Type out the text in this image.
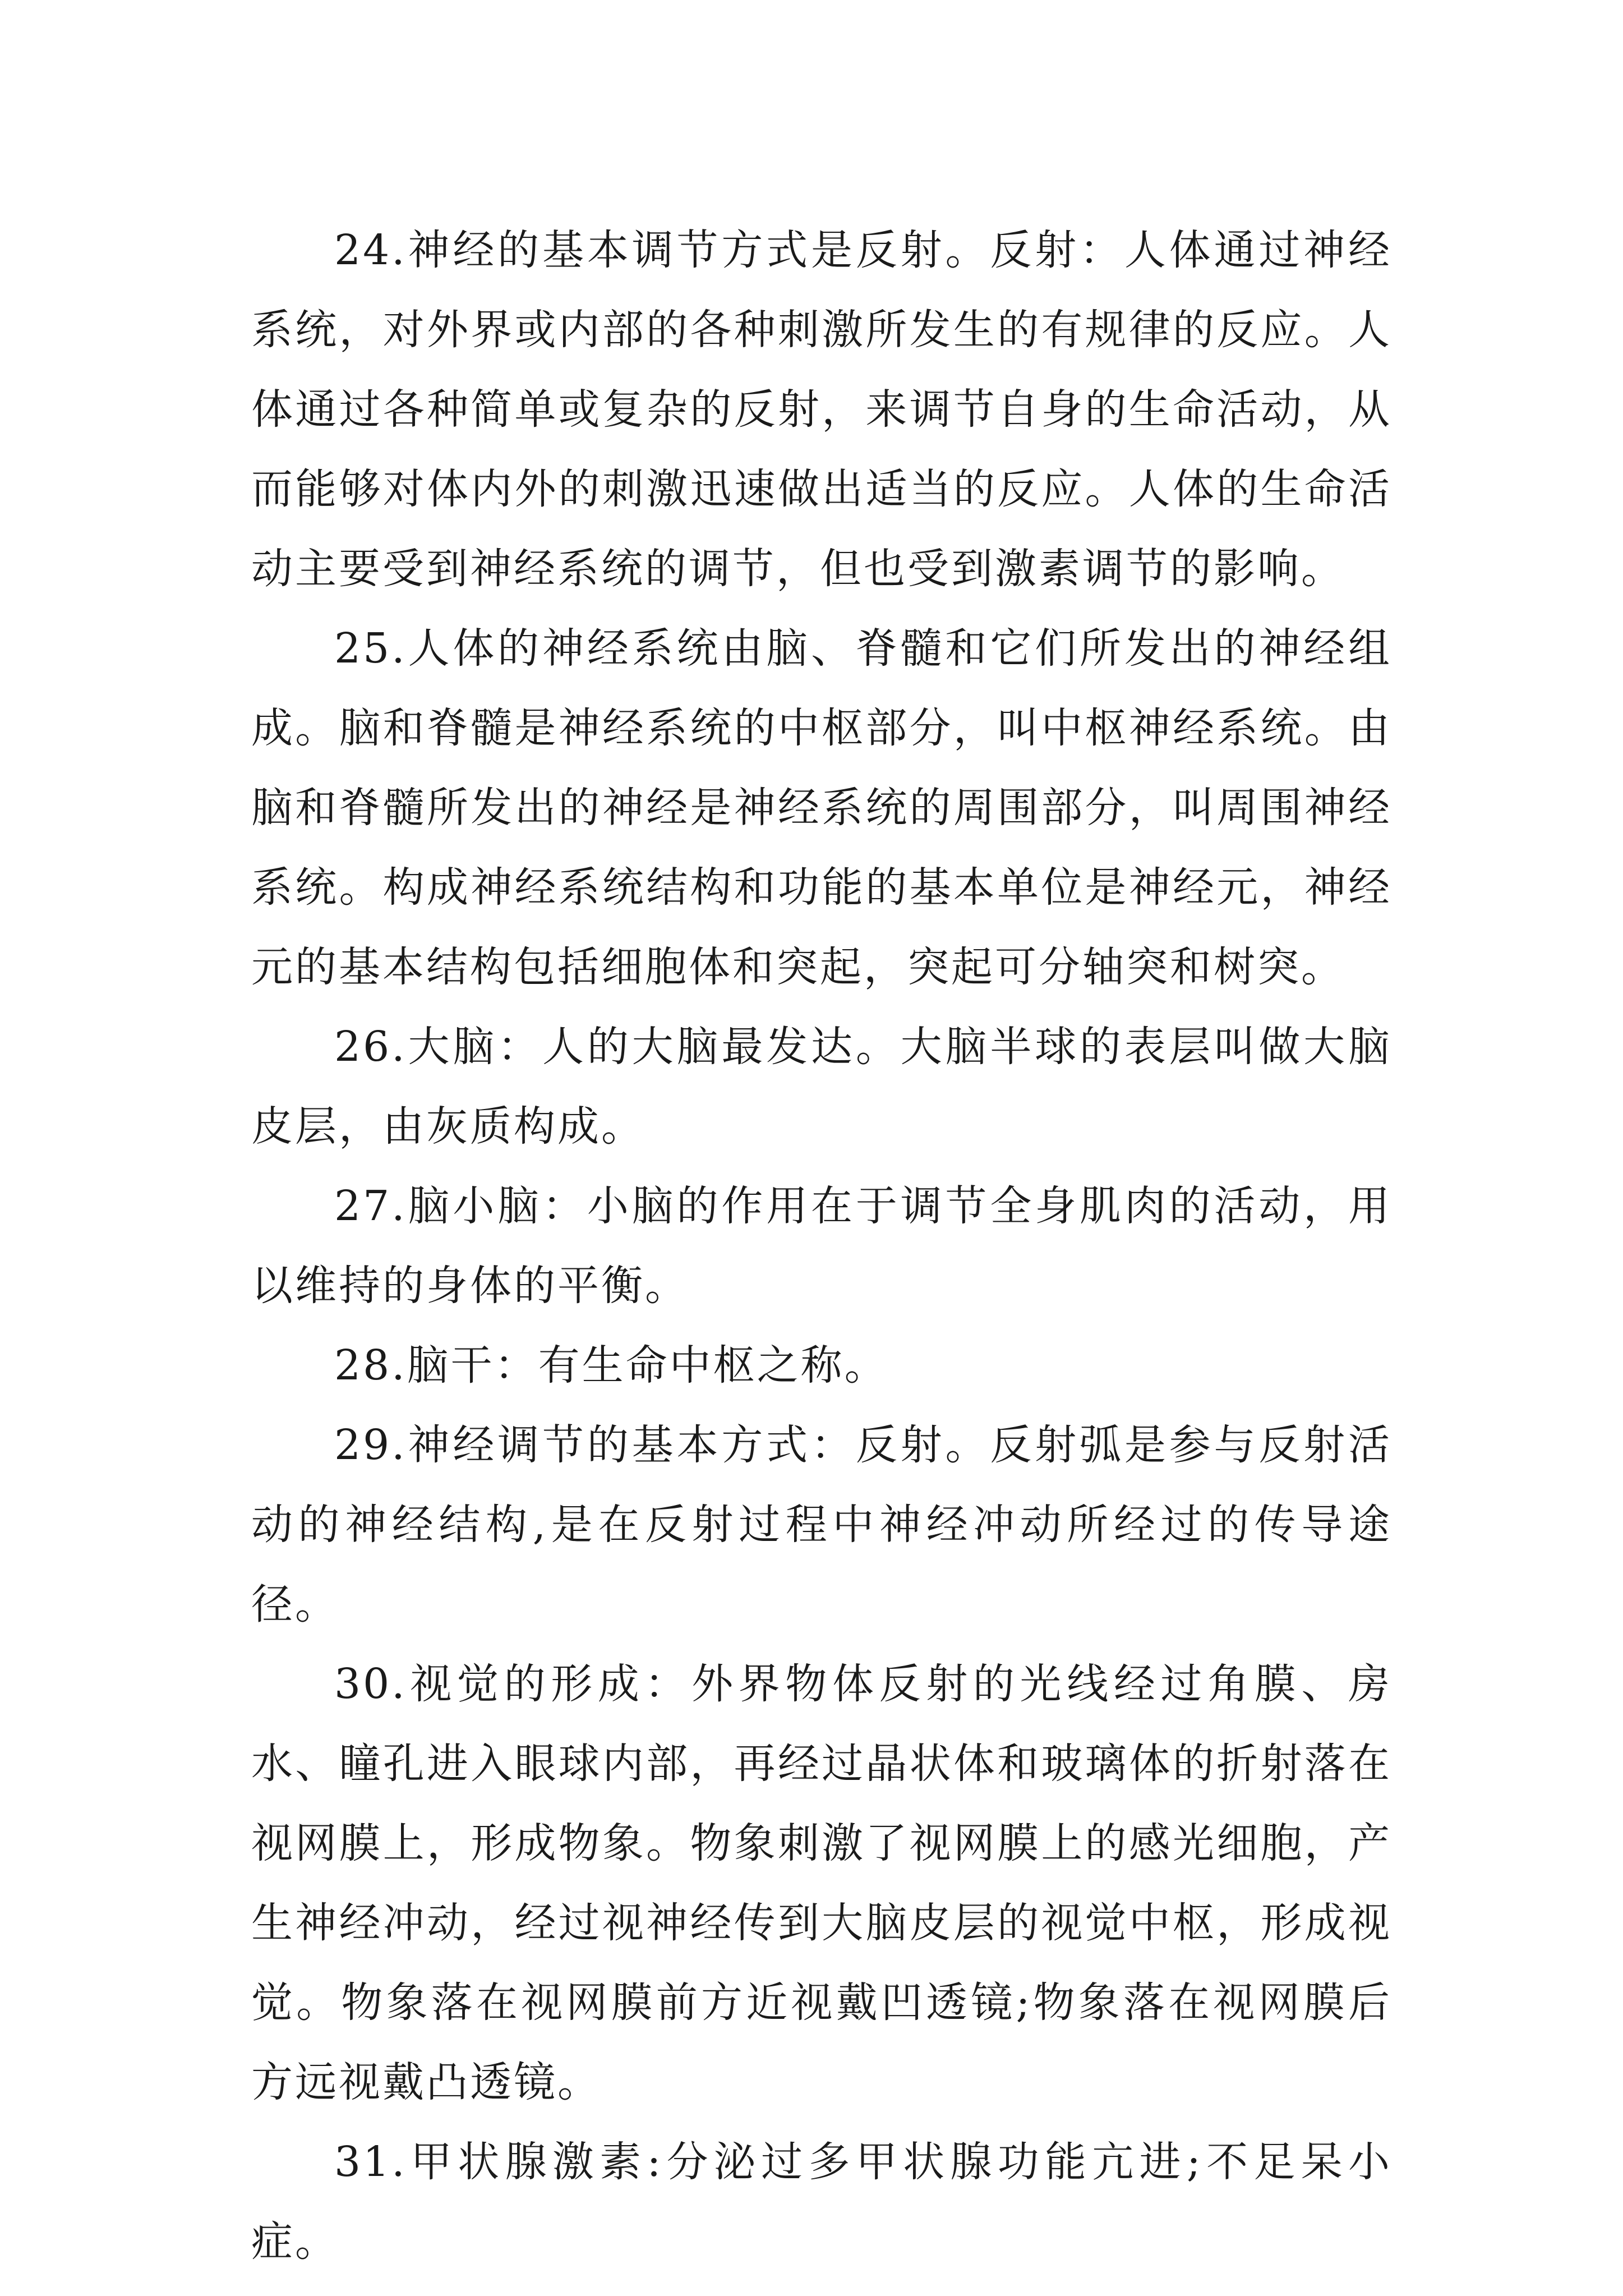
24.神经的基本调节方式是反射。反射：人体通过神经系统，对外界或内部的各种刺激所发生的有规律的反应。人体通过各种简单或复杂的反射，来调节自身的生命活动，从而能够对体内外的刺激迅速做出适当的反应。人体的生命活动主要受到神经系统的调节，但也受到激素调节的影响。

25.人体的神经系统由脑、脊髓和它们所发出的神经组成。脑和脊髓是神经系统的中枢部分，叫中枢神经系统。由脑和脊髓所发出的神经是神经系统的周围部分，叫周围神经系统。构成神经系统结构和功能的基本单位是神经元，神经元的基本结构包括细胞体和突起，突起可分轴突和树突。

26.大脑：人的大脑最发达。大脑半球的表层叫做大脑皮层，由灰质构成。

27.脑小脑：小脑的作用在于调节全身肌肉的活动，用以维持的身体的平衡。

28.脑干：有生命中枢之称。

29.神经调节的基本方式：反射。反射弧是参与反射活动的神经结构,是在反射过程中神经冲动所经过的传导途径。

30.视觉的形成：外界物体反射的光线经过角膜、房水、瞳孔进入眼球内部，再经过晶状体和玻璃体的折射落在视网膜上，形成物象。物象刺激了视网膜上的感光细胞，产生神经冲动，经过视神经传到大脑皮层的视觉中枢，形成视觉。物象落在视网膜前方近视戴凹透镜;物象落在视网膜后方远视戴凸透镜。

31.甲状腺激素:分泌过多甲状腺功能亢进;不足呆小症。
